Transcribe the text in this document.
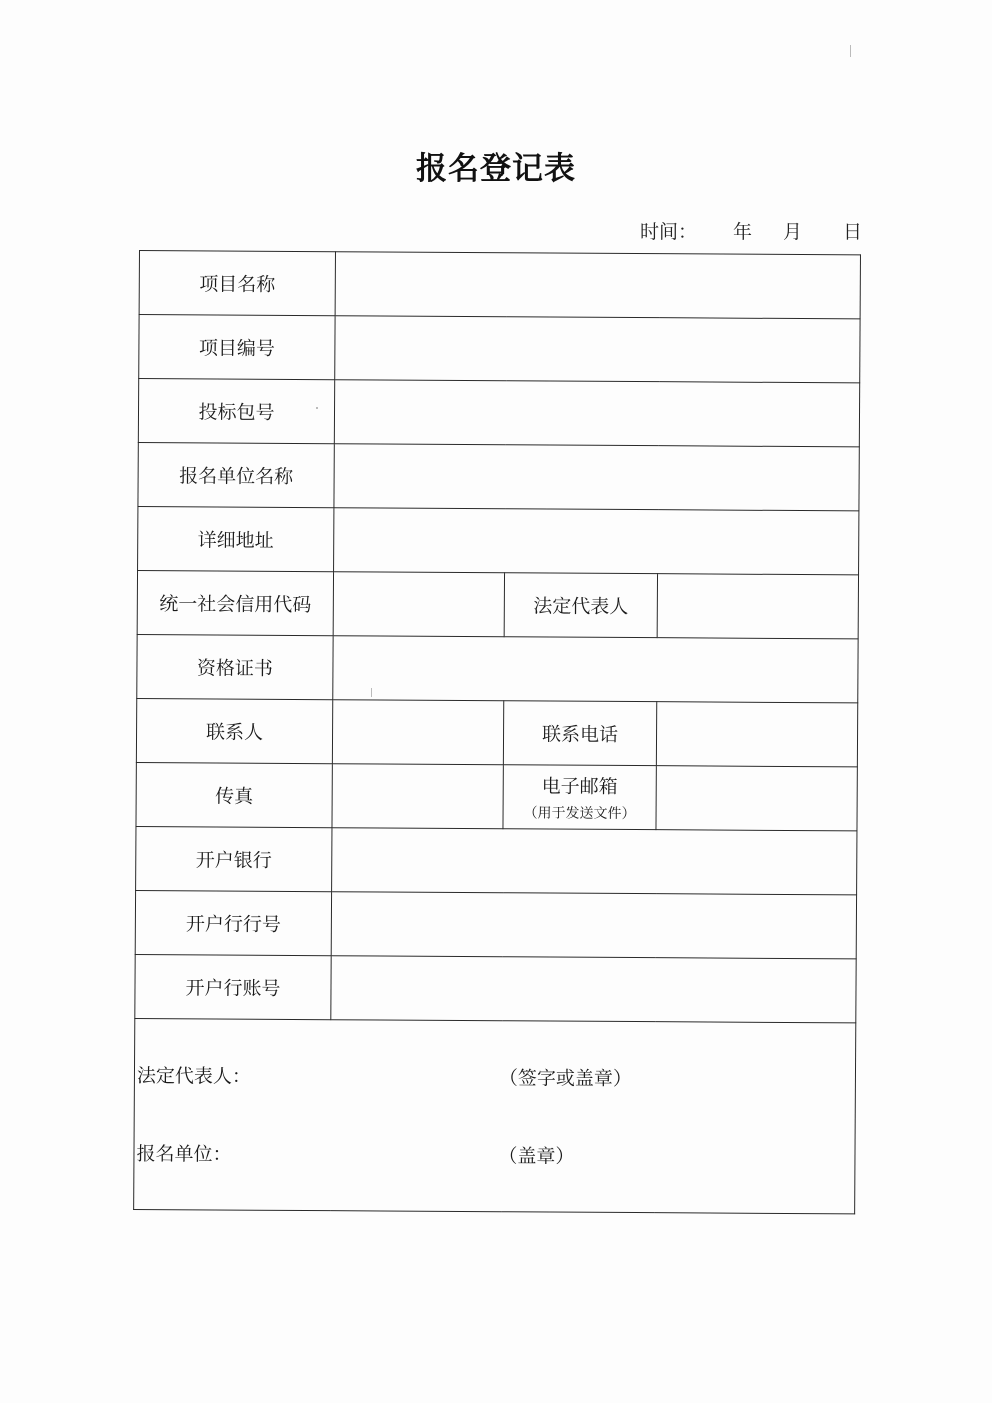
报名登记表
时间： 年 月 日
项目名称			
项目编号			
投标包号			
报名单位名称			
详细地址			
统一社会信用代码		法定代表人	
资格证书			
联系人		联系电话	
传真		电子邮箱
（用于发送文件）	

开户银行			
开户行行号			
开户行账号			

法定代表人： （签字或盖章）
报名单位： （盖章）			
